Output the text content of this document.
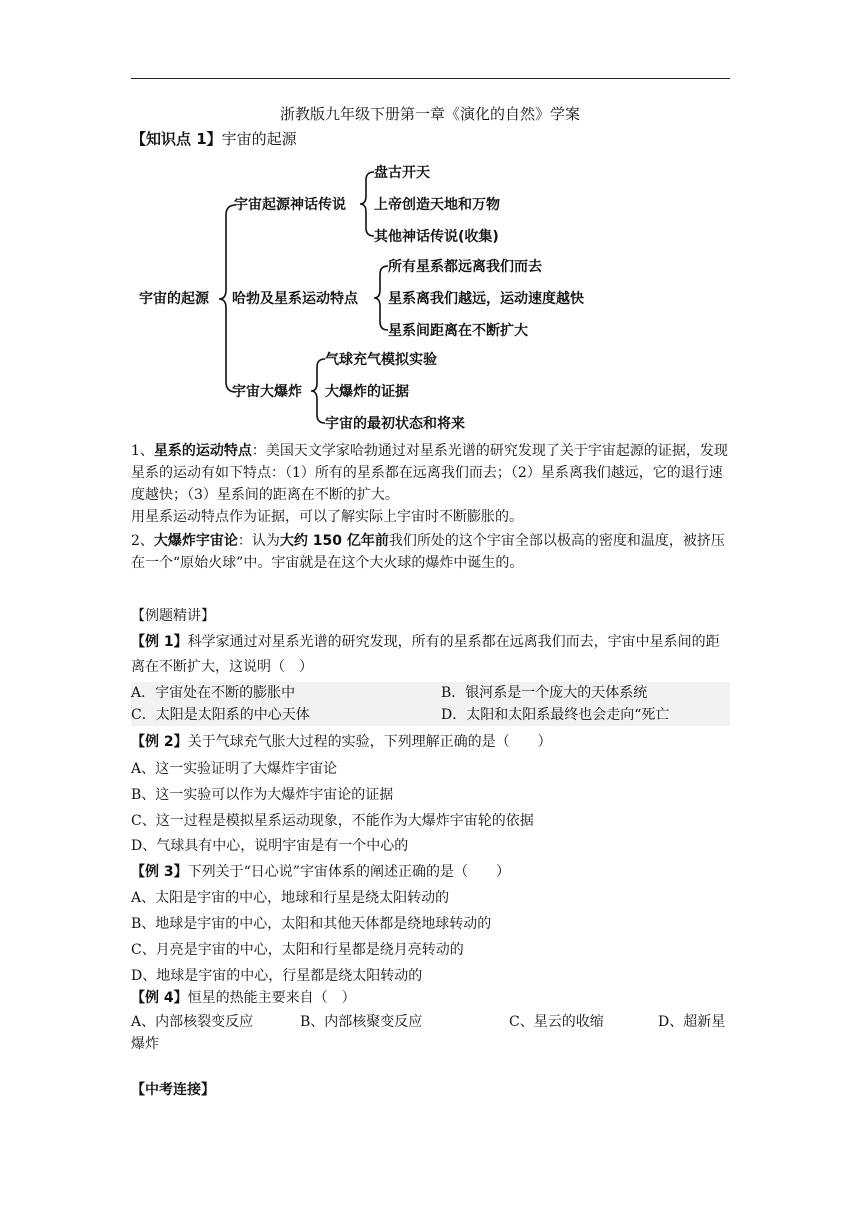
浙教版九年级下册第一章《演化的自然》学案
【知识点 1】宇宙的起源
宇宙的起源
宇宙起源神话传说
盘古开天
上帝创造天地和万物
其他神话传说(收集)
哈勃及星系运动特点
所有星系都远离我们而去
星系离我们越远，运动速度越快
星系间距离在不断扩大
宇宙大爆炸
气球充气模拟实验
大爆炸的证据
宇宙的最初状态和将来

1、星系的运动特点：美国天文学家哈勃通过对星系光谱的研究发现了关于宇宙起源的证据，发现星系的运动有如下特点：（1）所有的星系都在远离我们而去；（2）星系离我们越远，它的退行速度越快；（3）星系间的距离在不断的扩大。

用星系运动特点作为证据，可以了解实际上宇宙时不断膨胀的。

2、大爆炸宇宙论：认为大约 150 亿年前我们所处的这个宇宙全部以极高的密度和温度，被挤压在一个“原始火球”中。宇宙就是在这个大火球的爆炸中诞生的。

【例题精讲】

【例 1】科学家通过对星系光谱的研究发现，所有的星系都在远离我们而去，宇宙中星系间的距离在不断扩大，这说明（　）

A．宇宙处在不断的膨胀中	B．银河系是一个庞大的天体系统
C．太阳是太阳系的中心天体	D．太阳和太阳系最终也会走向“死亡
【例 2】关于气球充气胀大过程的实验，下列理解正确的是（　　）
A、这一实验证明了大爆炸宇宙论
B、这一实验可以作为大爆炸宇宙论的证据
C、这一过程是模拟星系运动现象，不能作为大爆炸宇宙轮的依据
D、气球具有中心，说明宇宙是有一个中心的
【例 3】下列关于“日心说”宇宙体系的阐述正确的是（　　）
A、太阳是宇宙的中心，地球和行星是绕太阳转动的
B、地球是宇宙的中心，太阳和其他天体都是绕地球转动的
C、月亮是宇宙的中心，太阳和行星都是绕月亮转动的
D、地球是宇宙的中心，行星都是绕太阳转动的
【例 4】恒星的热能主要来自（　）
A、内部核裂变反应	B、内部核聚变反应	C、星云的收缩	D、超新星
爆炸
【中考连接】
